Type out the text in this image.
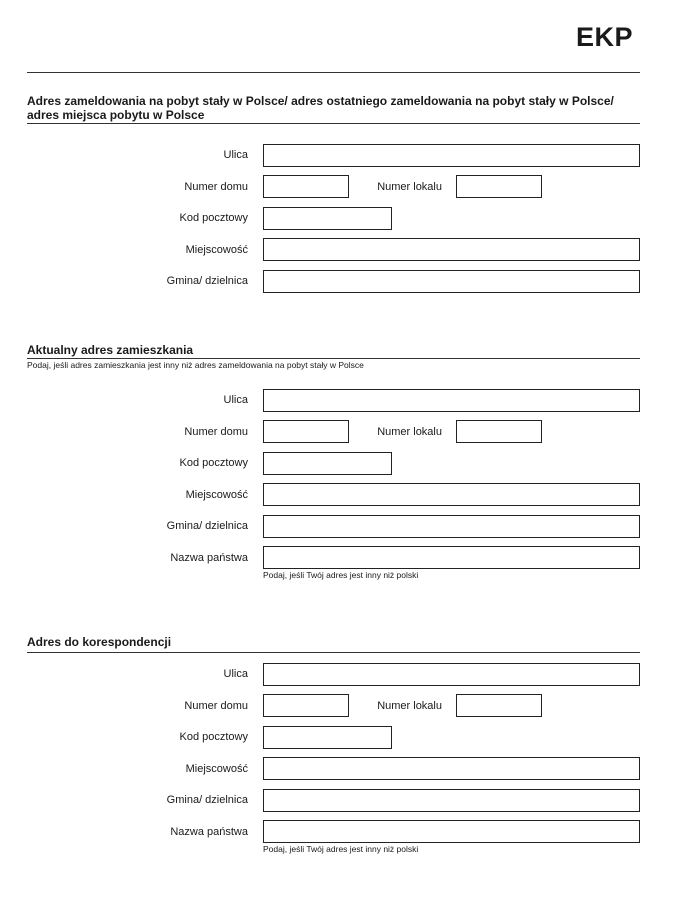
EKP
Adres zameldowania na pobyt stały w Polsce/ adres ostatniego zameldowania na pobyt stały w Polsce/ adres miejsca pobytu w Polsce
Ulica
Numer domu	Numer lokalu
Kod pocztowy
Miejscowość
Gmina/ dzielnica
Aktualny adres zamieszkania
Podaj, jeśli adres zamieszkania jest inny niż adres zameldowania na pobyt stały w Polsce
Ulica
Numer domu	Numer lokalu
Kod pocztowy
Miejscowość
Gmina/ dzielnica
Nazwa państwa
Podaj, jeśli Twój adres jest inny niż polski
Adres do korespondencji
Ulica
Numer domu	Numer lokalu
Kod pocztowy
Miejscowość
Gmina/ dzielnica
Nazwa państwa
Podaj, jeśli Twój adres jest inny niż polski
